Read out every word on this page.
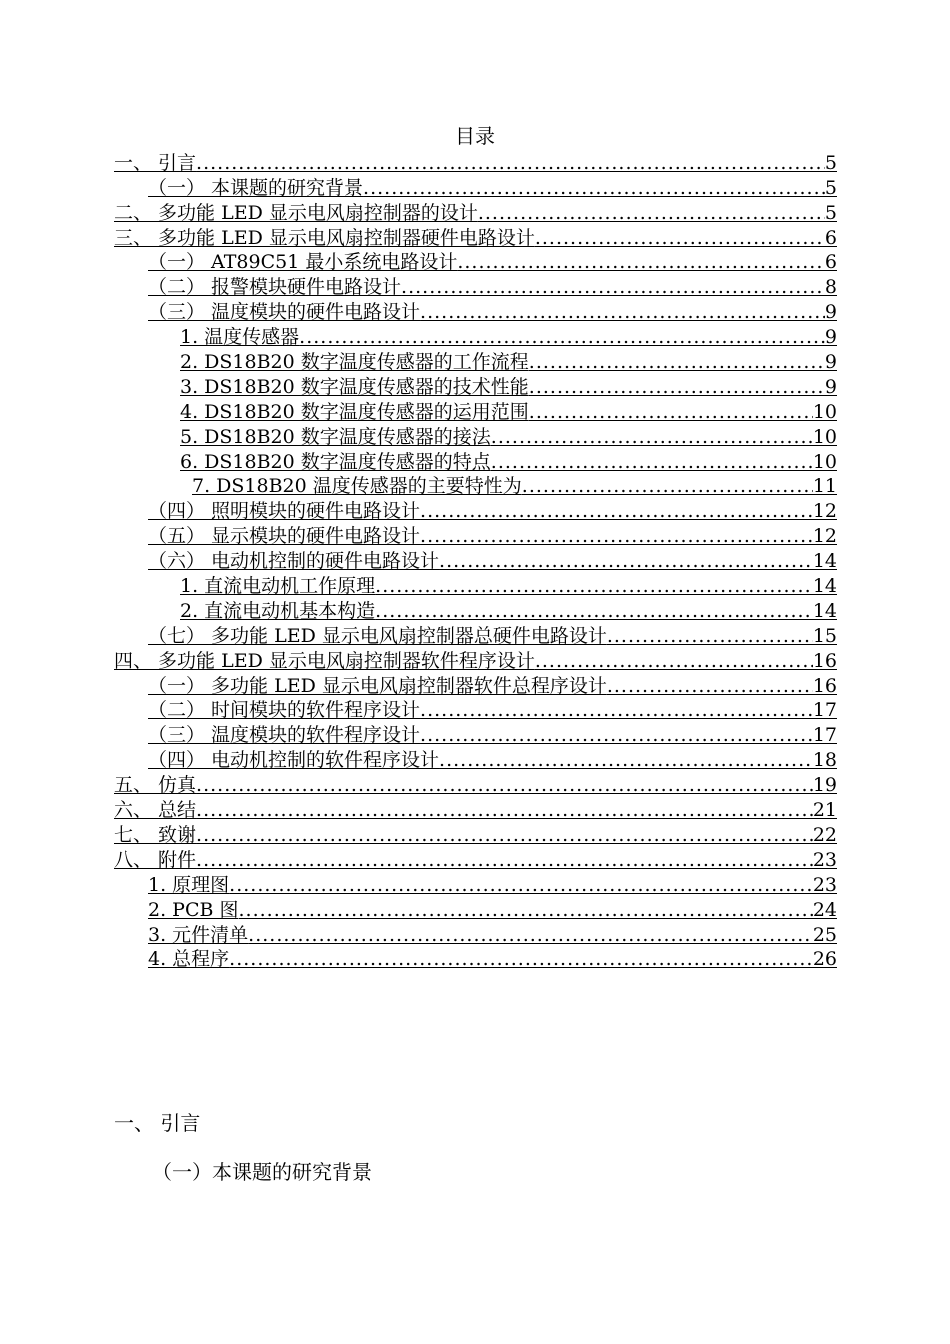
目录
一、 引言 .....	5
（一） 本课题的研究背景 .....	5
二、 多功能 LED 显示电风扇控制器的设计 .....	5
三、 多功能 LED 显示电风扇控制器硬件电路设计 .....	6
（一） AT89C51 最小系统电路设计 .....	6
（二） 报警模块硬件电路设计 .....	8
（三） 温度模块的硬件电路设计 .....	9
1. 温度传感器 .....	9
2. DS18B20 数字温度传感器的工作流程 .....	9
3. DS18B20 数字温度传感器的技术性能 .....	9
4. DS18B20 数字温度传感器的运用范围 .....	10
5. DS18B20 数字温度传感器的接法 .....	10
6. DS18B20 数字温度传感器的特点 .....	10
7. DS18B20 温度传感器的主要特性为 .....	11
（四） 照明模块的硬件电路设计 .....	12
（五） 显示模块的硬件电路设计 .....	12
（六） 电动机控制的硬件电路设计 .....	14
1. 直流电动机工作原理 .....	14
2. 直流电动机基本构造 .....	14
（七） 多功能 LED 显示电风扇控制器总硬件电路设计 .....	15
四、 多功能 LED 显示电风扇控制器软件程序设计 .....	16
（一） 多功能 LED 显示电风扇控制器软件总程序设计 .....	16
（二） 时间模块的软件程序设计 .....	17
（三） 温度模块的软件程序设计 .....	17
（四） 电动机控制的软件程序设计 .....	18
五、 仿真 .....	19
六、 总结 .....	21
七、 致谢 .....	22
八、 附件 .....	23
1. 原理图 .....	23
2. PCB 图 .....	24
3. 元件清单 .....	25
4. 总程序 .....	26
一、 引言
（一）本课题的研究背景
